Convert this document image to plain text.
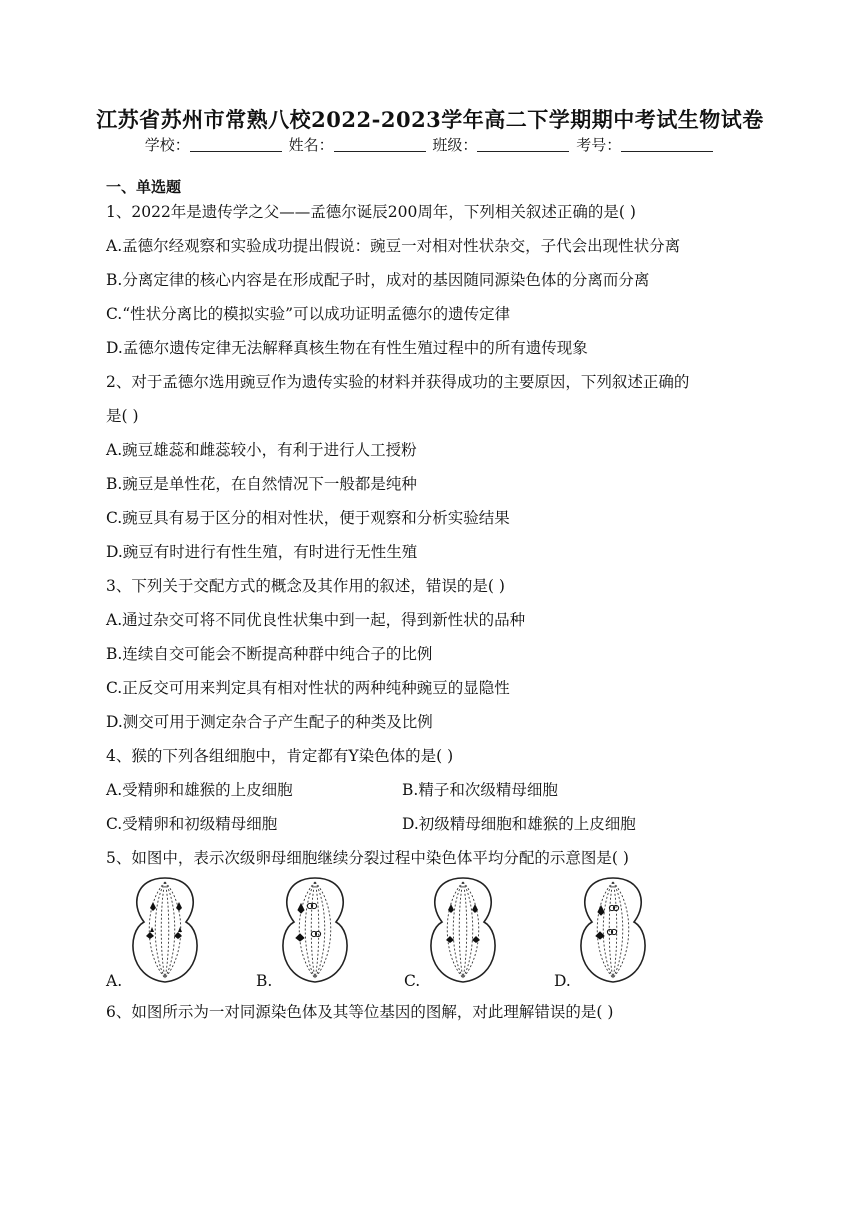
江苏省苏州市常熟八校2022-2023学年高二下学期期中考试生物试卷
学校：	姓名：	班级：	考号：
一、单选题
1、2022年是遗传学之父——孟德尔诞辰200周年，下列相关叙述正确的是( )
A.孟德尔经观察和实验成功提出假说：豌豆一对相对性状杂交，子代会出现性状分离
B.分离定律的核心内容是在形成配子时，成对的基因随同源染色体的分离而分离
C.“性状分离比的模拟实验”可以成功证明孟德尔的遗传定律
D.孟德尔遗传定律无法解释真核生物在有性生殖过程中的所有遗传现象
2、对于孟德尔选用豌豆作为遗传实验的材料并获得成功的主要原因，下列叙述正确的
是( )
A.豌豆雄蕊和雌蕊较小，有利于进行人工授粉
B.豌豆是单性花，在自然情况下一般都是纯种
C.豌豆具有易于区分的相对性状，便于观察和分析实验结果
D.豌豆有时进行有性生殖，有时进行无性生殖
3、下列关于交配方式的概念及其作用的叙述，错误的是( )
A.通过杂交可将不同优良性状集中到一起，得到新性状的品种
B.连续自交可能会不断提高种群中纯合子的比例
C.正反交可用来判定具有相对性状的两种纯种豌豆的显隐性
D.测交可用于测定杂合子产生配子的种类及比例
4、猴的下列各组细胞中，肯定都有Y染色体的是( )
A.受精卵和雄猴的上皮细胞	B.精子和次级精母细胞
C.受精卵和初级精母细胞	D.初级精母细胞和雄猴的上皮细胞
5、如图中，表示次级卵母细胞继续分裂过程中染色体平均分配的示意图是( )
A.	B.	C.	D.
6、如图所示为一对同源染色体及其等位基因的图解，对此理解错误的是( )
